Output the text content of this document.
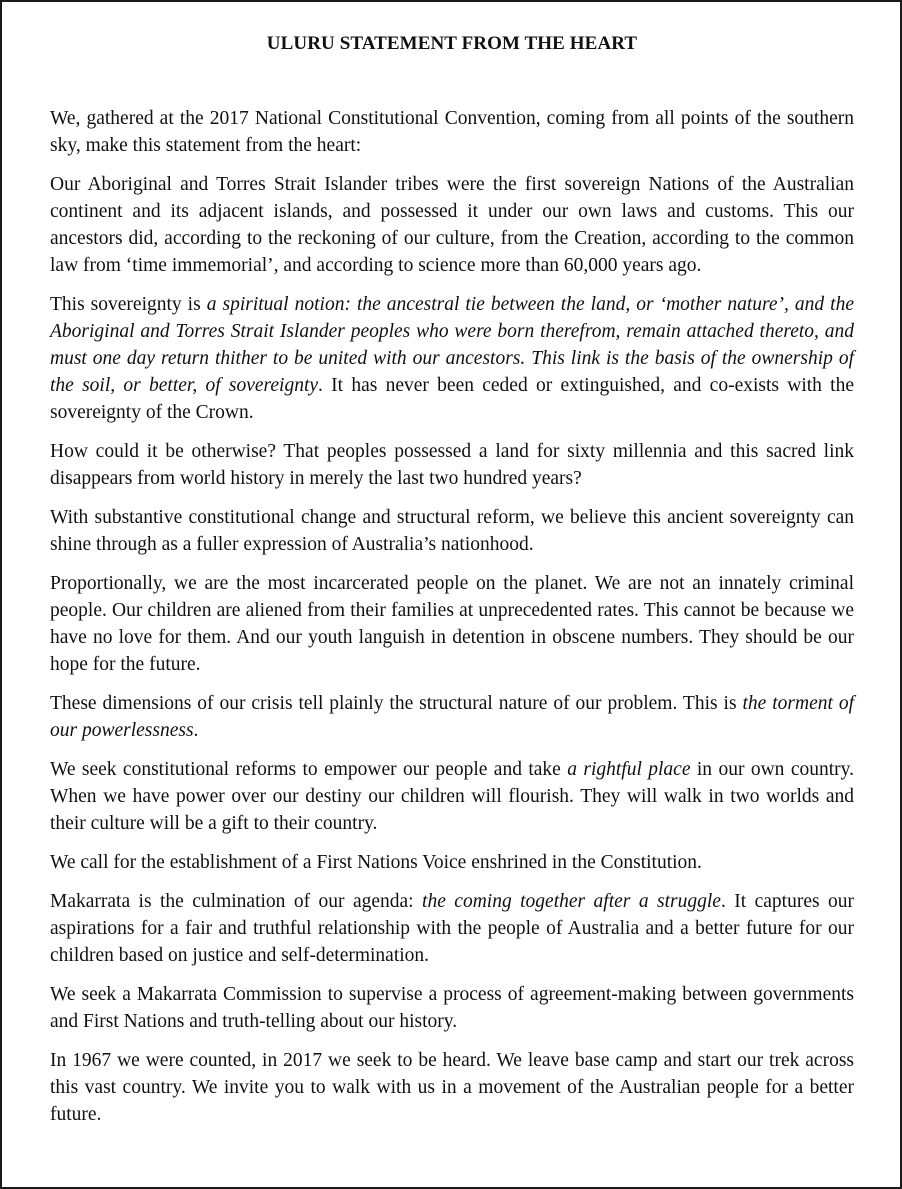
ULURU STATEMENT FROM THE HEART

We, gathered at the 2017 National Constitutional Convention, coming from all points of the southern sky, make this statement from the heart:

Our Aboriginal and Torres Strait Islander tribes were the first sovereign Nations of the Australian continent and its adjacent islands, and possessed it under our own laws and customs. This our ancestors did, according to the reckoning of our culture, from the Creation, according to the common law from ‘time immemorial’, and according to science more than 60,000 years ago.

This sovereignty is a spiritual notion: the ancestral tie between the land, or ‘mother nature’, and the Aboriginal and Torres Strait Islander peoples who were born therefrom, remain attached thereto, and must one day return thither to be united with our ancestors. This link is the basis of the ownership of the soil, or better, of sovereignty. It has never been ceded or extinguished, and co-exists with the sovereignty of the Crown.

How could it be otherwise? That peoples possessed a land for sixty millennia and this sacred link disappears from world history in merely the last two hundred years?

With substantive constitutional change and structural reform, we believe this ancient sovereignty can shine through as a fuller expression of Australia’s nationhood.

Proportionally, we are the most incarcerated people on the planet. We are not an innately criminal people. Our children are aliened from their families at unprecedented rates. This cannot be because we have no love for them. And our youth languish in detention in obscene numbers. They should be our hope for the future.

These dimensions of our crisis tell plainly the structural nature of our problem. This is the torment of our powerlessness.

We seek constitutional reforms to empower our people and take a rightful place in our own country. When we have power over our destiny our children will flourish. They will walk in two worlds and their culture will be a gift to their country.

We call for the establishment of a First Nations Voice enshrined in the Constitution.

Makarrata is the culmination of our agenda: the coming together after a struggle. It captures our aspirations for a fair and truthful relationship with the people of Australia and a better future for our children based on justice and self-determination.

We seek a Makarrata Commission to supervise a process of agreement-making between governments and First Nations and truth-telling about our history.

In 1967 we were counted, in 2017 we seek to be heard. We leave base camp and start our trek across this vast country. We invite you to walk with us in a movement of the Australian people for a better future.
